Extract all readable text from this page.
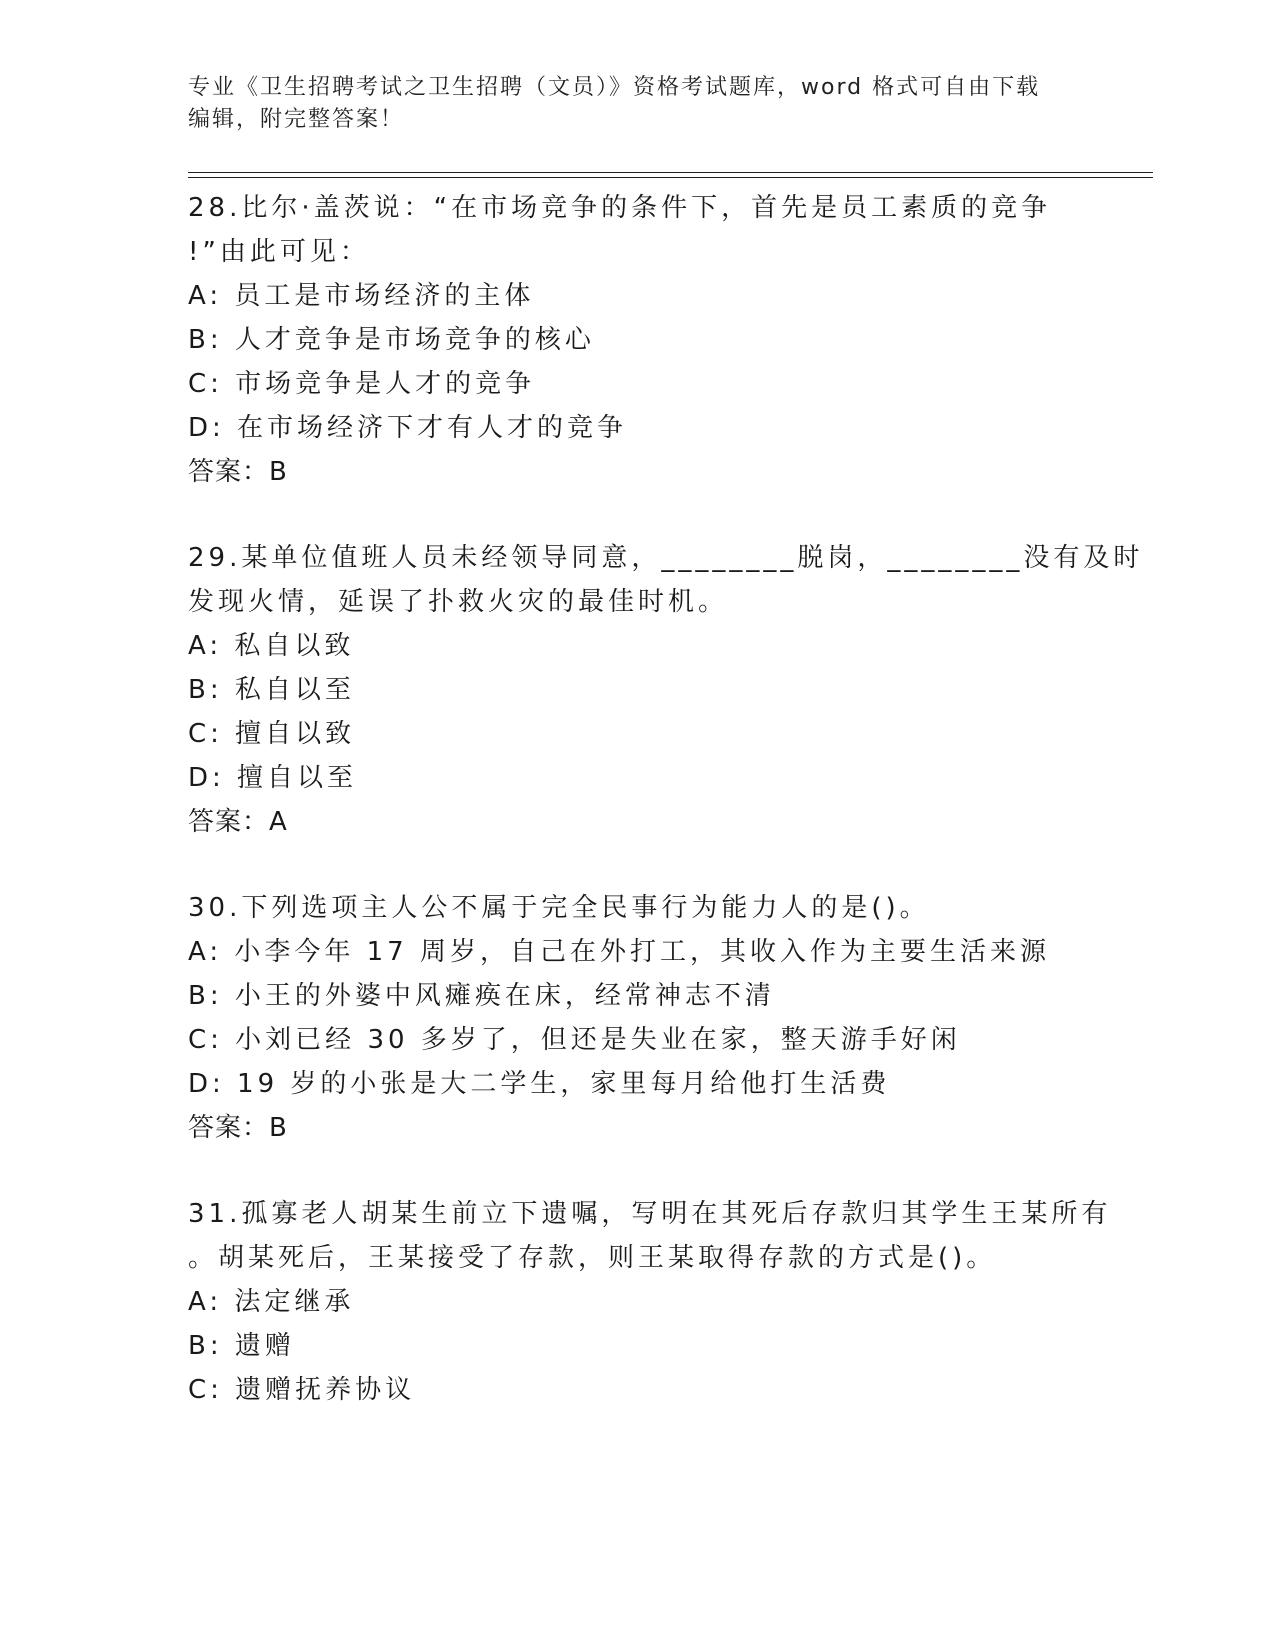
专业《卫生招聘考试之卫生招聘（文员）》资格考试题库，word 格式可自由下载
编辑，附完整答案！
28.比尔·盖茨说：“在市场竞争的条件下，首先是员工素质的竞争
!”由此可见：
A: 员工是市场经济的主体
B: 人才竞争是市场竞争的核心
C: 市场竞争是人才的竞争
D: 在市场经济下才有人才的竞争
答案：B
29.某单位值班人员未经领导同意，________脱岗，________没有及时
发现火情，延误了扑救火灾的最佳时机。
A: 私自以致
B: 私自以至
C: 擅自以致
D: 擅自以至
答案：A
30.下列选项主人公不属于完全民事行为能力人的是()。
A: 小李今年 17 周岁，自己在外打工，其收入作为主要生活来源
B: 小王的外婆中风瘫痪在床，经常神志不清
C: 小刘已经 30 多岁了，但还是失业在家，整天游手好闲
D: 19 岁的小张是大二学生，家里每月给他打生活费
答案：B
31.孤寡老人胡某生前立下遗嘱，写明在其死后存款归其学生王某所有
。胡某死后，王某接受了存款，则王某取得存款的方式是()。
A: 法定继承
B: 遗赠
C: 遗赠抚养协议
